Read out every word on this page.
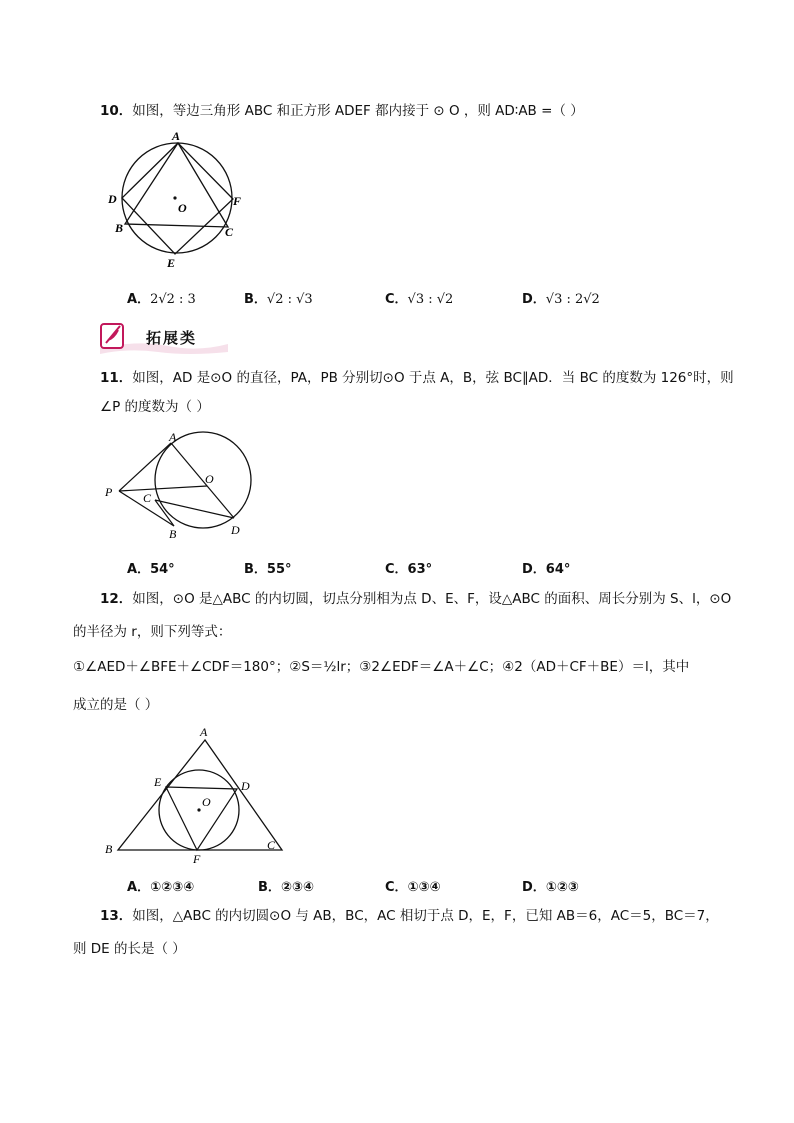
10．如图，等边三角形 ABC 和正方形 ADEF 都内接于 ⊙ O ，则 AD∶AB =（ ）
A
D
B
O	F
C
E
A．2√2 : 3	B．√2 : √3	C．√3 : √2	D．√3 : 2√2
拓展类
11．如图，AD 是⊙O 的直径，PA，PB 分别切⊙O 于点 A，B，弦 BC∥AD．当 BC 的度数为 126°时，则
∠P 的度数为（ ）
A
P
O
C
B	D
A．54°	B．55°	C．63°	D．64°
12．如图，⊙O 是△ABC 的内切圆，切点分别相为点 D、E、F，设△ABC 的面积、周长分别为 S、l，⊙O
的半径为 r，则下列等式：
①∠AED＋∠BFE＋∠CDF＝180°；②S＝½lr；③2∠EDF＝∠A＋∠C；④2（AD＋CF＋BE）＝l，其中
成立的是（ ）
A
E	D
O
B	C
F
A．①②③④	B．②③④	C．①③④	D．①②③
13．如图，△ABC 的内切圆⊙O 与 AB，BC，AC 相切于点 D，E，F，已知 AB＝6，AC＝5，BC＝7，
则 DE 的长是（ ）
